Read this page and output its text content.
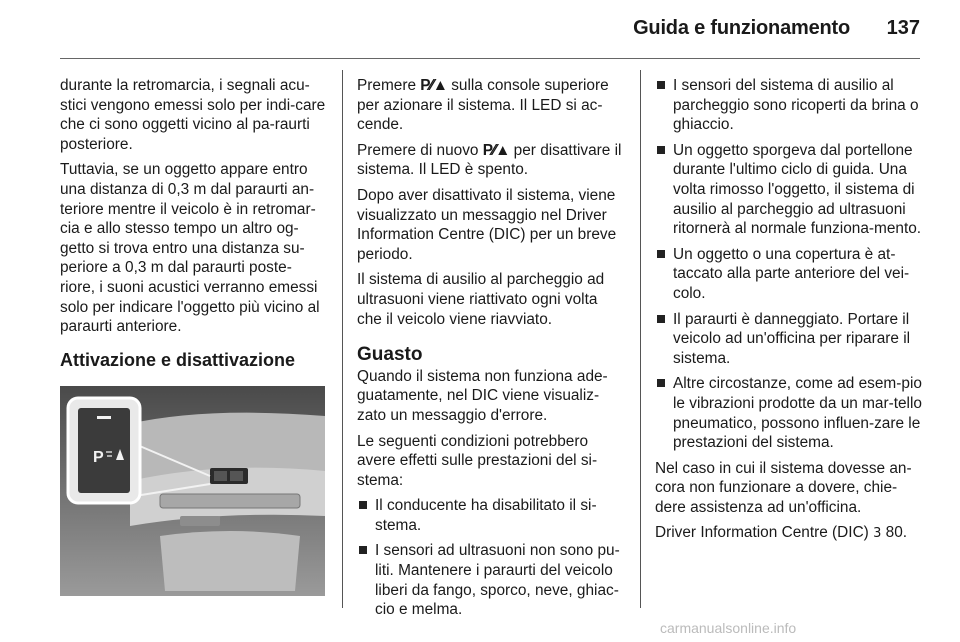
Guida e funzionamento	137

durante la retromarcia, i segnali acu-stici vengono emessi solo per indi-care che ci sono oggetti vicino al pa-raurti posteriore.

Tuttavia, se un oggetto appare entro una distanza di 0,3 m dal paraurti an-teriore mentre il veicolo è in retromar-cia e allo stesso tempo un altro og-getto si trova entro una distanza su-periore a 0,3 m dal paraurti poste-riore, i suoni acustici verranno emessi solo per indicare l'oggetto più vicino al paraurti anteriore.

Attivazione e disattivazione
P

Premere P⁄⁄▲ sulla console superiore per azionare il sistema. Il LED si ac-cende.

Premere di nuovo P⁄⁄▲ per disattivare il sistema. Il LED è spento.

Dopo aver disattivato il sistema, viene visualizzato un messaggio nel Driver Information Centre (DIC) per un breve periodo.

Il sistema di ausilio al parcheggio ad ultrasuoni viene riattivato ogni volta che il veicolo viene riavviato.

Guasto

Quando il sistema non funziona ade-guatamente, nel DIC viene visualiz-zato un messaggio d'errore.

Le seguenti condizioni potrebbero avere effetti sulle prestazioni del si-stema:

Il conducente ha disabilitato il si-stema.
I sensori ad ultrasuoni non sono pu-liti. Mantenere i paraurti del veicolo liberi da fango, sporco, neve, ghiac-cio e melma.
I sensori del sistema di ausilio al parcheggio sono ricoperti da brina o ghiaccio.
Un oggetto sporgeva dal portellone durante l'ultimo ciclo di guida. Una volta rimosso l'oggetto, il sistema di ausilio al parcheggio ad ultrasuoni ritornerà al normale funziona-mento.
Un oggetto o una copertura è at-taccato alla parte anteriore del vei-colo.
Il paraurti è danneggiato. Portare il veicolo ad un'officina per riparare il sistema.
Altre circostanze, come ad esem-pio le vibrazioni prodotte da un mar-tello pneumatico, possono influen-zare le prestazioni del sistema.

Nel caso in cui il sistema dovesse an-cora non funzionare a dovere, chie-dere assistenza ad un'officina.

Driver Information Centre (DIC) 3 80.

carmanualsonline.info
